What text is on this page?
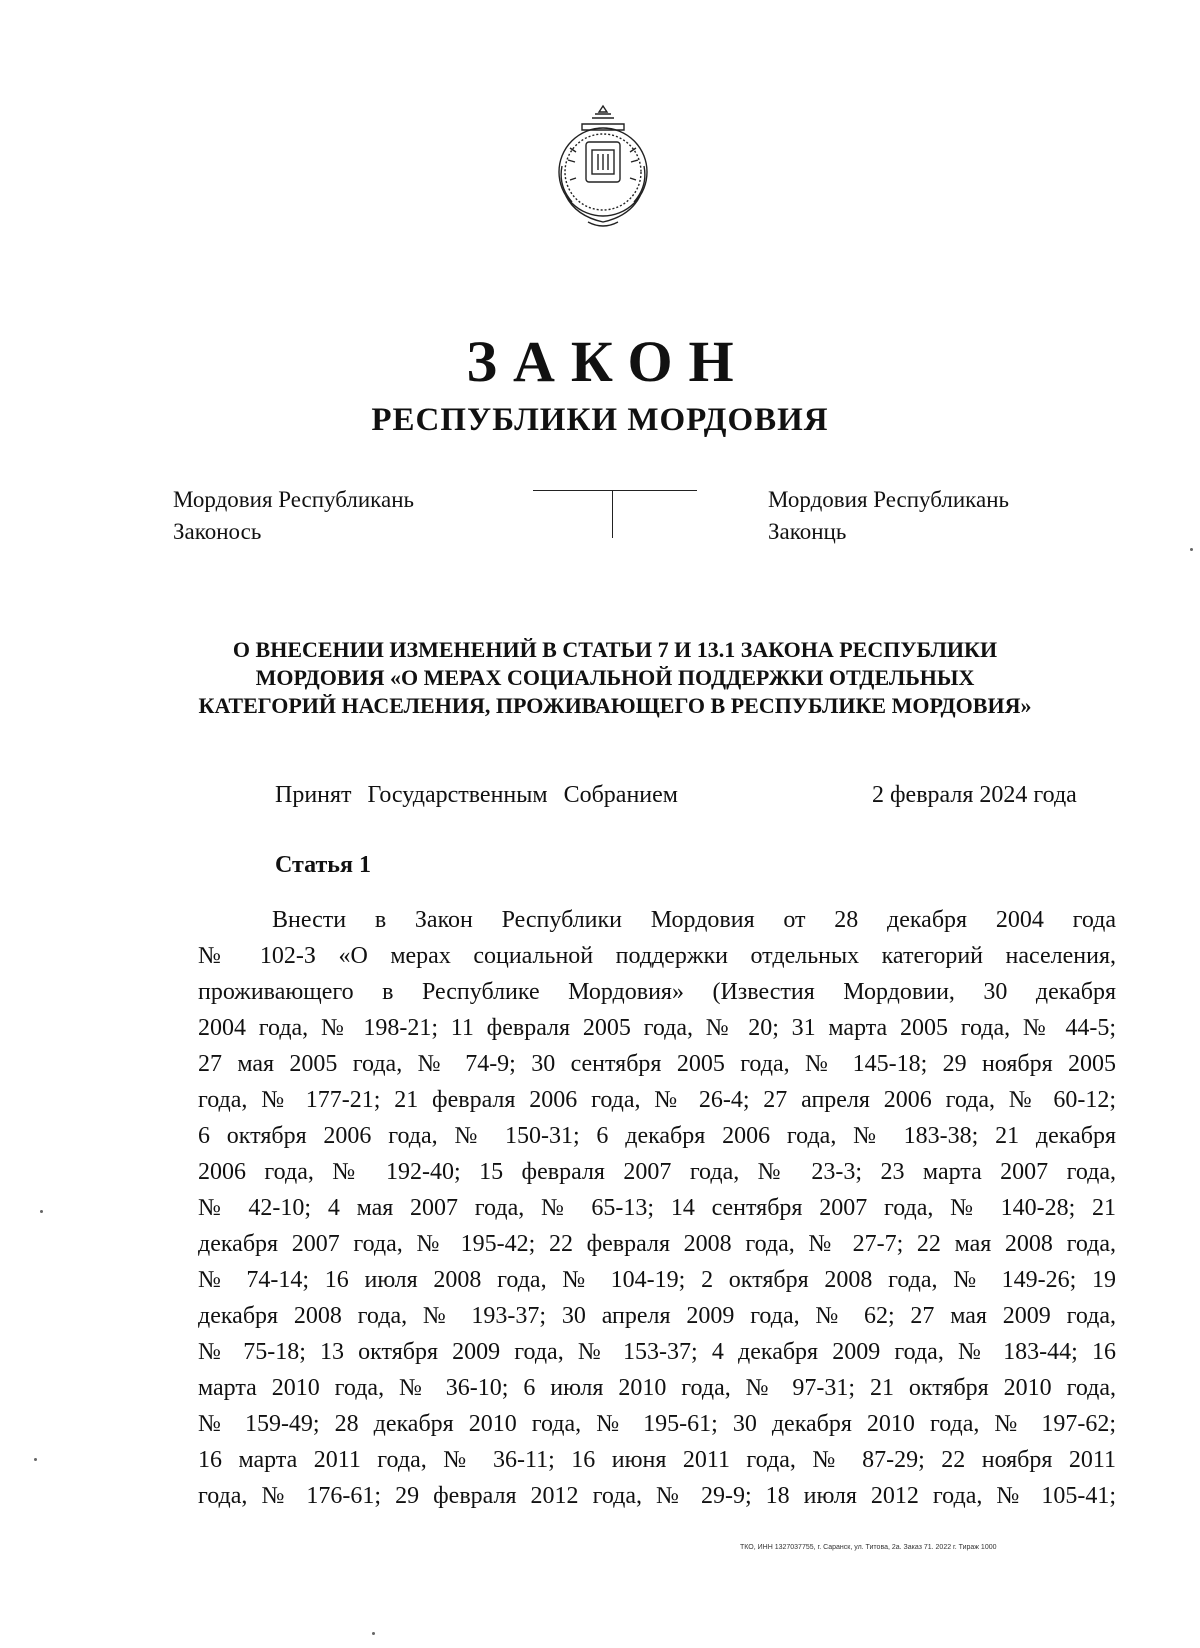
ЗАКОН
РЕСПУБЛИКИ МОРДОВИЯ
Мордовия Республикань
Законось
Мордовия Республикань
Законць
О ВНЕСЕНИИ ИЗМЕНЕНИЙ В СТАТЬИ 7 И 13.1 ЗАКОНА РЕСПУБЛИКИ
МОРДОВИЯ «О МЕРАХ СОЦИАЛЬНОЙ ПОДДЕРЖКИ ОТДЕЛЬНЫХ
КАТЕГОРИЙ НАСЕЛЕНИЯ, ПРОЖИВАЮЩЕГО В РЕСПУБЛИКЕ МОРДОВИЯ»
Принят Государственным Собранием	2 февраля 2024 года
Статья 1
Внести в Закон Республики Мордовия от 28 декабря 2004 года
№ 102-З «О мерах социальной поддержки отдельных категорий населения,
проживающего в Республике Мордовия» (Известия Мордовии, 30 декабря
2004 года, № 198-21; 11 февраля 2005 года, № 20; 31 марта 2005 года, № 44-5;
27 мая 2005 года, № 74-9; 30 сентября 2005 года, № 145-18; 29 ноября 2005
года, № 177-21; 21 февраля 2006 года, № 26-4; 27 апреля 2006 года, № 60-12;
6 октября 2006 года, № 150-31; 6 декабря 2006 года, № 183-38; 21 декабря
2006 года, № 192-40; 15 февраля 2007 года, № 23-3; 23 марта 2007 года,
№ 42-10; 4 мая 2007 года, № 65-13; 14 сентября 2007 года, № 140-28; 21
декабря 2007 года, № 195-42; 22 февраля 2008 года, № 27-7; 22 мая 2008 года,
№ 74-14; 16 июля 2008 года, № 104-19; 2 октября 2008 года, № 149-26; 19
декабря 2008 года, № 193-37; 30 апреля 2009 года, № 62; 27 мая 2009 года,
№ 75-18; 13 октября 2009 года, № 153-37; 4 декабря 2009 года, № 183-44; 16
марта 2010 года, № 36-10; 6 июля 2010 года, № 97-31; 21 октября 2010 года,
№ 159-49; 28 декабря 2010 года, № 195-61; 30 декабря 2010 года, № 197-62;
16 марта 2011 года, № 36-11; 16 июня 2011 года, № 87-29; 22 ноября 2011
года, № 176-61; 29 февраля 2012 года, № 29-9; 18 июля 2012 года, № 105-41;
ТКО, ИНН 1327037755, г. Саранск, ул. Титова, 2а. Заказ 71. 2022 г. Тираж 1000
